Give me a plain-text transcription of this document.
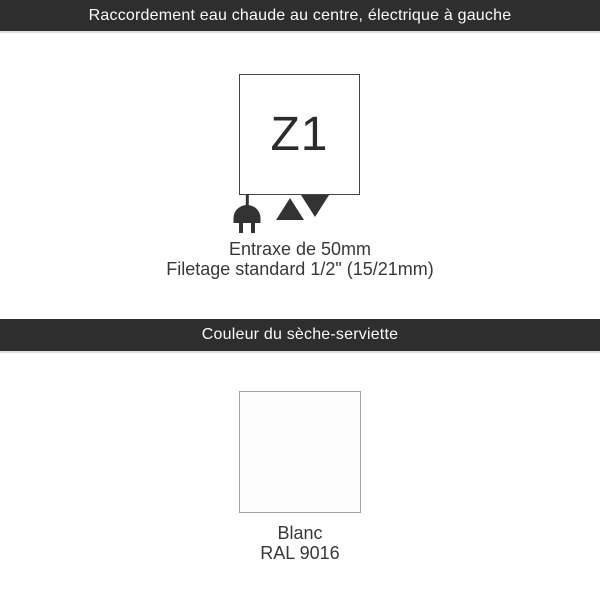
Raccordement eau chaude au centre, électrique à gauche
Z1
Entraxe de 50mm
Filetage standard 1/2" (15/21mm)
Couleur du sèche-serviette
Blanc
RAL 9016
